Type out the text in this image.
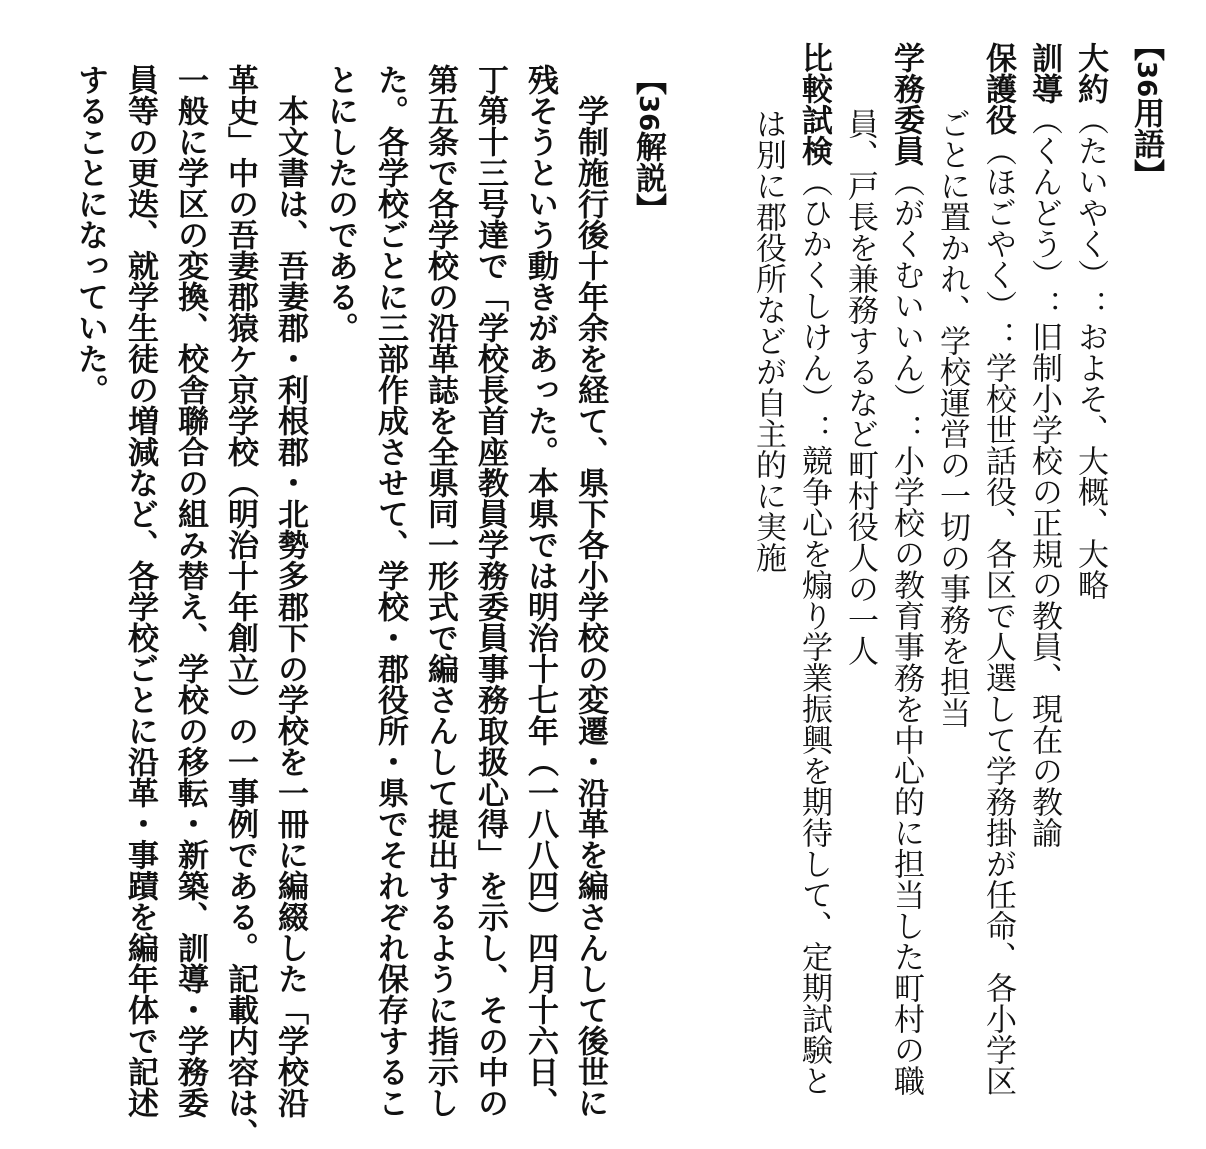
【36用語】
大約（たいやく）：およそ、大概、大略
訓導（くんどう）：旧制小学校の正規の教員、現在の教諭
保護役（ほごやく）：学校世話役、各区で人選して学務掛が任命、各小学区
ごとに置かれ、学校運営の一切の事務を担当
学務委員（がくむいいん）：小学校の教育事務を中心的に担当した町村の職
員、戸長を兼務するなど町村役人の一人
比較試検（ひかくしけん）：競争心を煽り学業振興を期待して、定期試験と
は別に郡役所などが自主的に実施
【36解説】
　学制施行後十年余を経て、県下各小学校の変遷・沿革を編さんして後世に
残そうという動きがあった。本県では明治十七年（一八八四）四月十六日、
丁第十三号達で「学校長首座教員学務委員事務取扱心得」を示し、その中の
第五条で各学校の沿革誌を全県同一形式で編さんして提出するように指示し
た。各学校ごとに三部作成させて、学校・郡役所・県でそれぞれ保存するこ
とにしたのである。
　本文書は、吾妻郡・利根郡・北勢多郡下の学校を一冊に編綴した「学校沿
革史」中の吾妻郡猿ケ京学校（明治十年創立）の一事例である。記載内容は、
一般に学区の変換、校舎聯合の組み替え、学校の移転・新築、訓導・学務委
員等の更迭、就学生徒の増減など、各学校ごとに沿革・事蹟を編年体で記述
することになっていた。
